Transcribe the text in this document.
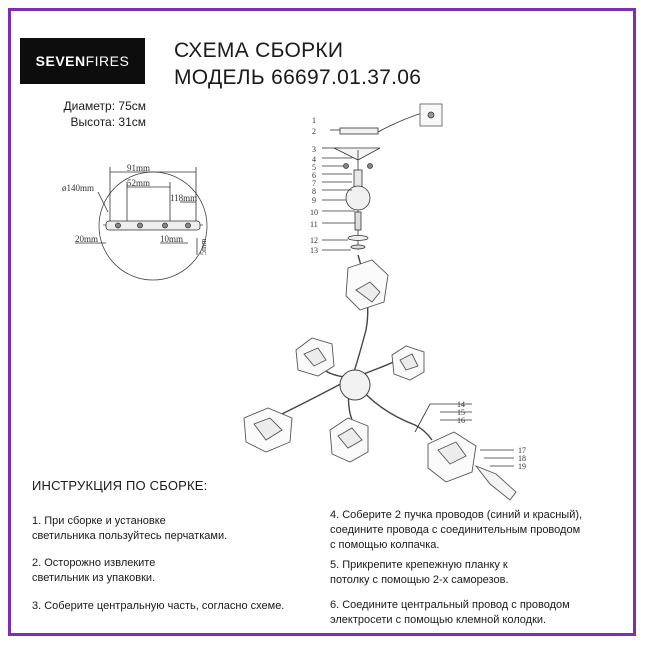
SEVENFIRES СХЕМА СБОРКИ
МОДЕЛЬ 66697.01.37.06
Диаметр: 75см
Высота: 31см
91mm
52mm
ø140mm
118mm
20mm	10mm 5mm
1
2
3
4
5
6
7
8
9
10
11
12
13
14
15
16
17
18
19
ИНСТРУКЦИЯ ПО СБОРКЕ:
1. При сборке и установке
светильника пользуйтесь перчатками.
2. Осторожно извлеките
светильник из упаковки.
3. Соберите центральную часть, согласно схеме.
4. Соберите 2 пучка проводов (синий и красный),
соедините провода с соединительным проводом
с помощью колпачка.
5. Прикрепите крепежную планку к
потолку с помощью 2-х саморезов.
6. Соедините центральный провод с проводом
электросети с помощью клемной колодки.
